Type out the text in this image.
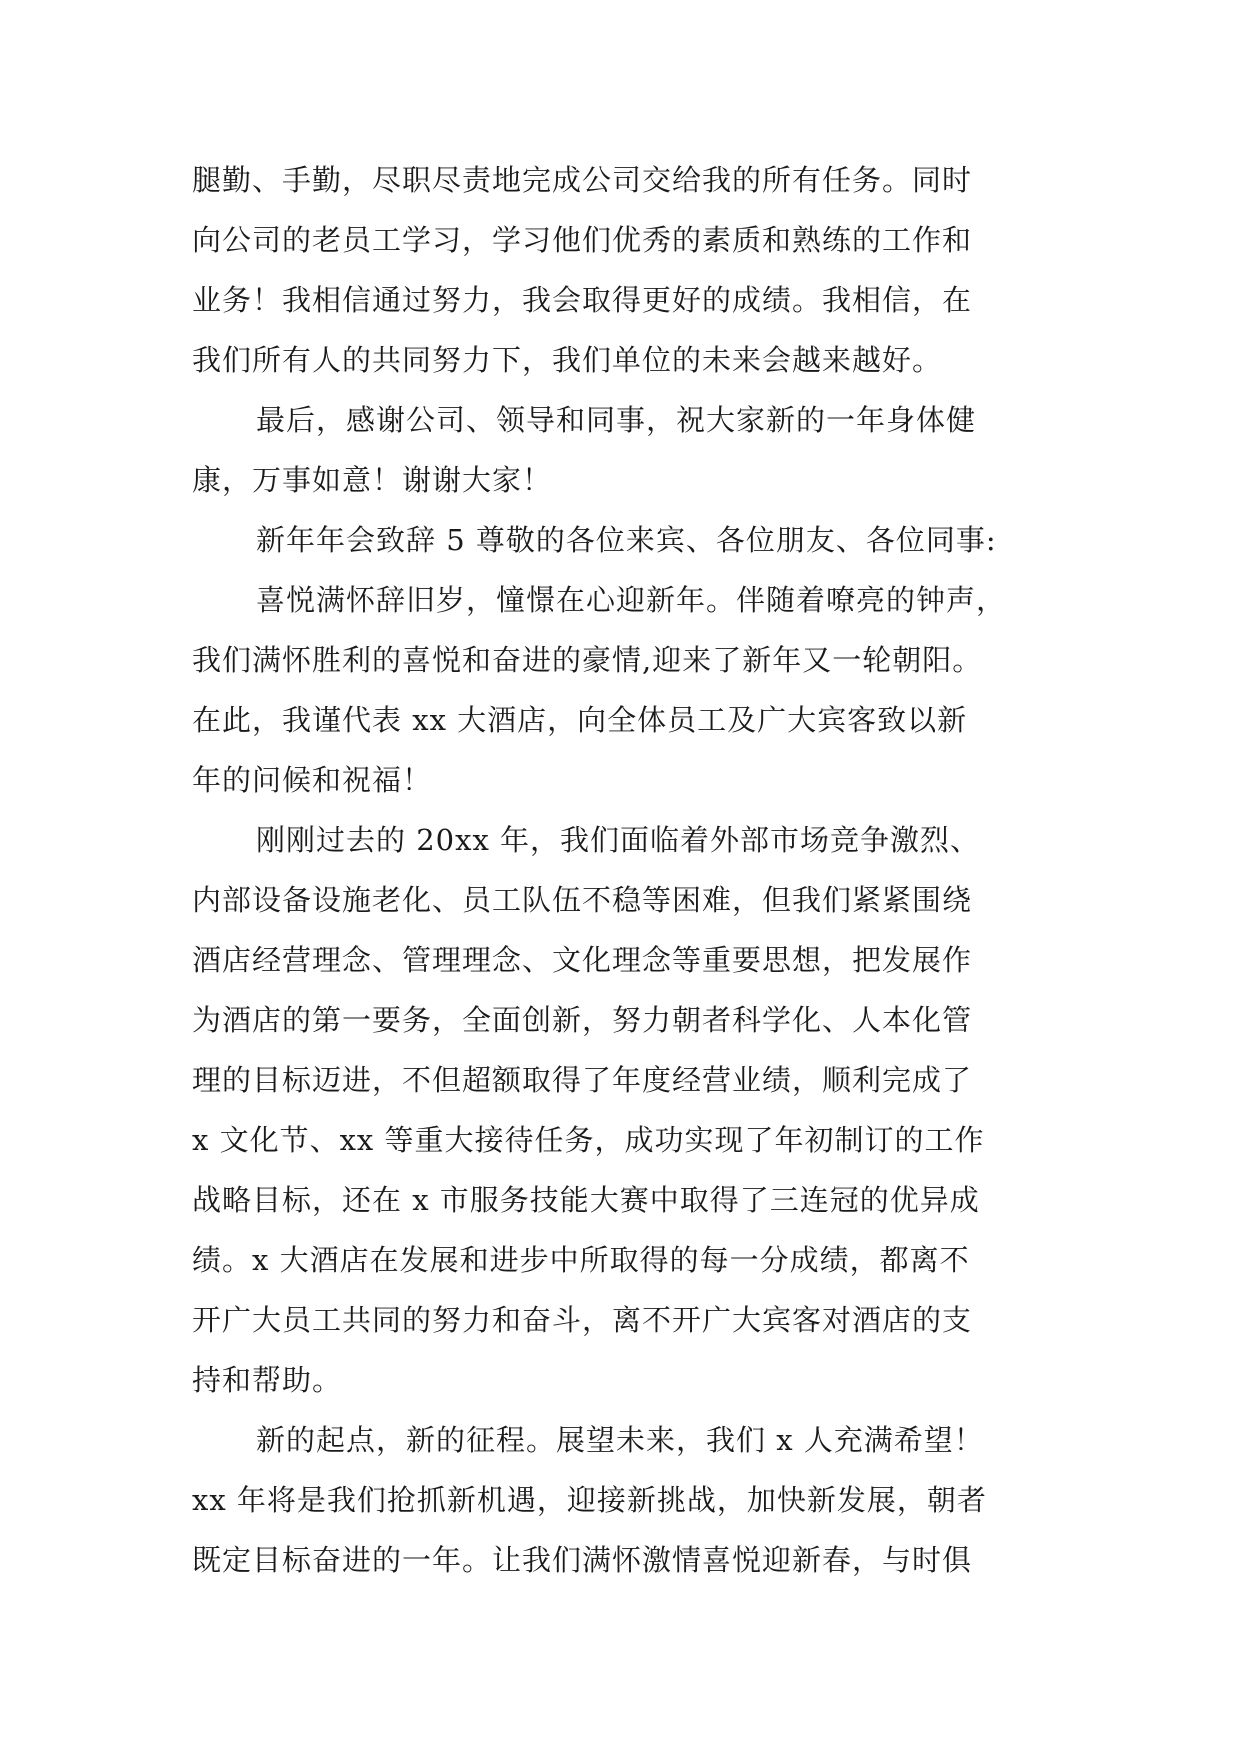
腿勤、手勤，尽职尽责地完成公司交给我的所有任务。同时
向公司的老员工学习，学习他们优秀的素质和熟练的工作和
业务！我相信通过努力，我会取得更好的成绩。我相信，在
我们所有人的共同努力下，我们单位的未来会越来越好。
最后，感谢公司、领导和同事，祝大家新的一年身体健
康，万事如意！谢谢大家！
新年年会致辞 5 尊敬的各位来宾、各位朋友、各位同事:
喜悦满怀辞旧岁，憧憬在心迎新年。伴随着嘹亮的钟声，
我们满怀胜利的喜悦和奋进的豪情,迎来了新年又一轮朝阳。
在此，我谨代表 xx 大酒店，向全体员工及广大宾客致以新
年的问候和祝福！
刚刚过去的 20xx 年，我们面临着外部市场竞争激烈、
内部设备设施老化、员工队伍不稳等困难，但我们紧紧围绕
酒店经营理念、管理理念、文化理念等重要思想，把发展作
为酒店的第一要务，全面创新，努力朝者科学化、人本化管
理的目标迈进，不但超额取得了年度经营业绩，顺利完成了
x 文化节、xx 等重大接待任务，成功实现了年初制订的工作
战略目标，还在 x 市服务技能大赛中取得了三连冠的优异成
绩。x 大酒店在发展和进步中所取得的每一分成绩，都离不
开广大员工共同的努力和奋斗，离不开广大宾客对酒店的支
持和帮助。
新的起点，新的征程。展望未来，我们 x 人充满希望！
xx 年将是我们抢抓新机遇，迎接新挑战，加快新发展，朝者
既定目标奋进的一年。让我们满怀激情喜悦迎新春，与时俱
